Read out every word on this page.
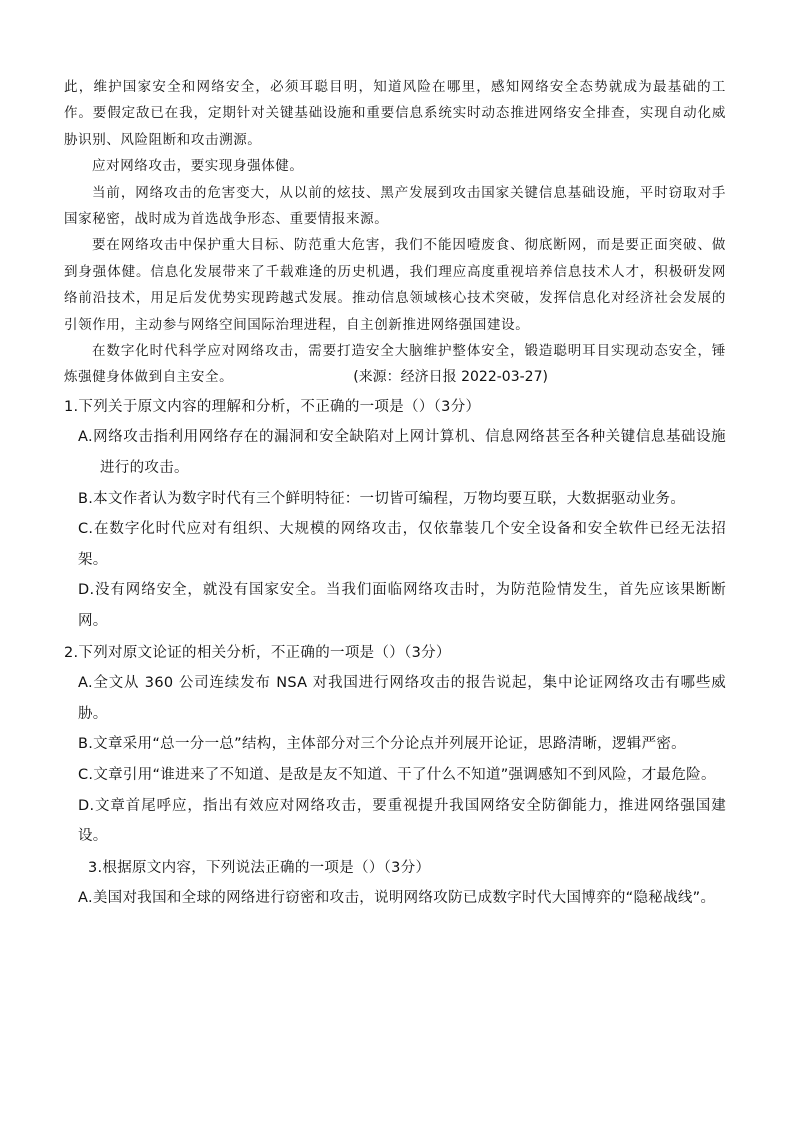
此，维护国家安全和网络安全，必须耳聪目明，知道风险在哪里，感知网络安全态势就成为最基础的工作。要假定敌已在我，定期针对关键基础设施和重要信息系统实时动态推进网络安全排查，实现自动化威胁识别、风险阻断和攻击溯源。

应对网络攻击，要实现身强体健。

当前，网络攻击的危害变大，从以前的炫技、黑产发展到攻击国家关键信息基础设施，平时窃取对手国家秘密，战时成为首选战争形态、重要情报来源。

要在网络攻击中保护重大目标、防范重大危害，我们不能因噎废食、彻底断网，而是要正面突破、做到身强体健。信息化发展带来了千载难逢的历史机遇，我们理应高度重视培养信息技术人才，积极研发网络前沿技术，用足后发优势实现跨越式发展。推动信息领域核心技术突破，发挥信息化对经济社会发展的引领作用，主动参与网络空间国际治理进程，自主创新推进网络强国建设。

在数字化时代科学应对网络攻击，需要打造安全大脑维护整体安全，锻造聪明耳目实现动态安全，锤炼强健身体做到自主安全。	(来源：经济日报 2022-03-27)

1.下列关于原文内容的理解和分析，不正确的一项是（）（3分）

A.网络攻击指利用网络存在的漏洞和安全缺陷对上网计算机、信息网络甚至各种关键信息基础设施进行的攻击。

B.本文作者认为数字时代有三个鲜明特征：一切皆可编程，万物均要互联，大数据驱动业务。

C.在数字化时代应对有组织、大规模的网络攻击，仅依靠装几个安全设备和安全软件已经无法招架。

D.没有网络安全，就没有国家安全。当我们面临网络攻击时，为防范险情发生，首先应该果断断网。

2.下列对原文论证的相关分析，不正确的一项是（）（3分）

A.全文从 360 公司连续发布 NSA 对我国进行网络攻击的报告说起，集中论证网络攻击有哪些威胁。

B.文章采用“总一分一总”结构，主体部分对三个分论点并列展开论证，思路清晰，逻辑严密。

C.文章引用“谁进来了不知道、是敌是友不知道、干了什么不知道”强调感知不到风险，才最危险。

D.文章首尾呼应，指出有效应对网络攻击，要重视提升我国网络安全防御能力，推进网络强国建设。

3.根据原文内容，下列说法正确的一项是（）（3分）

A.美国对我国和全球的网络进行窃密和攻击，说明网络攻防已成数字时代大国博弈的“隐秘战线”。
